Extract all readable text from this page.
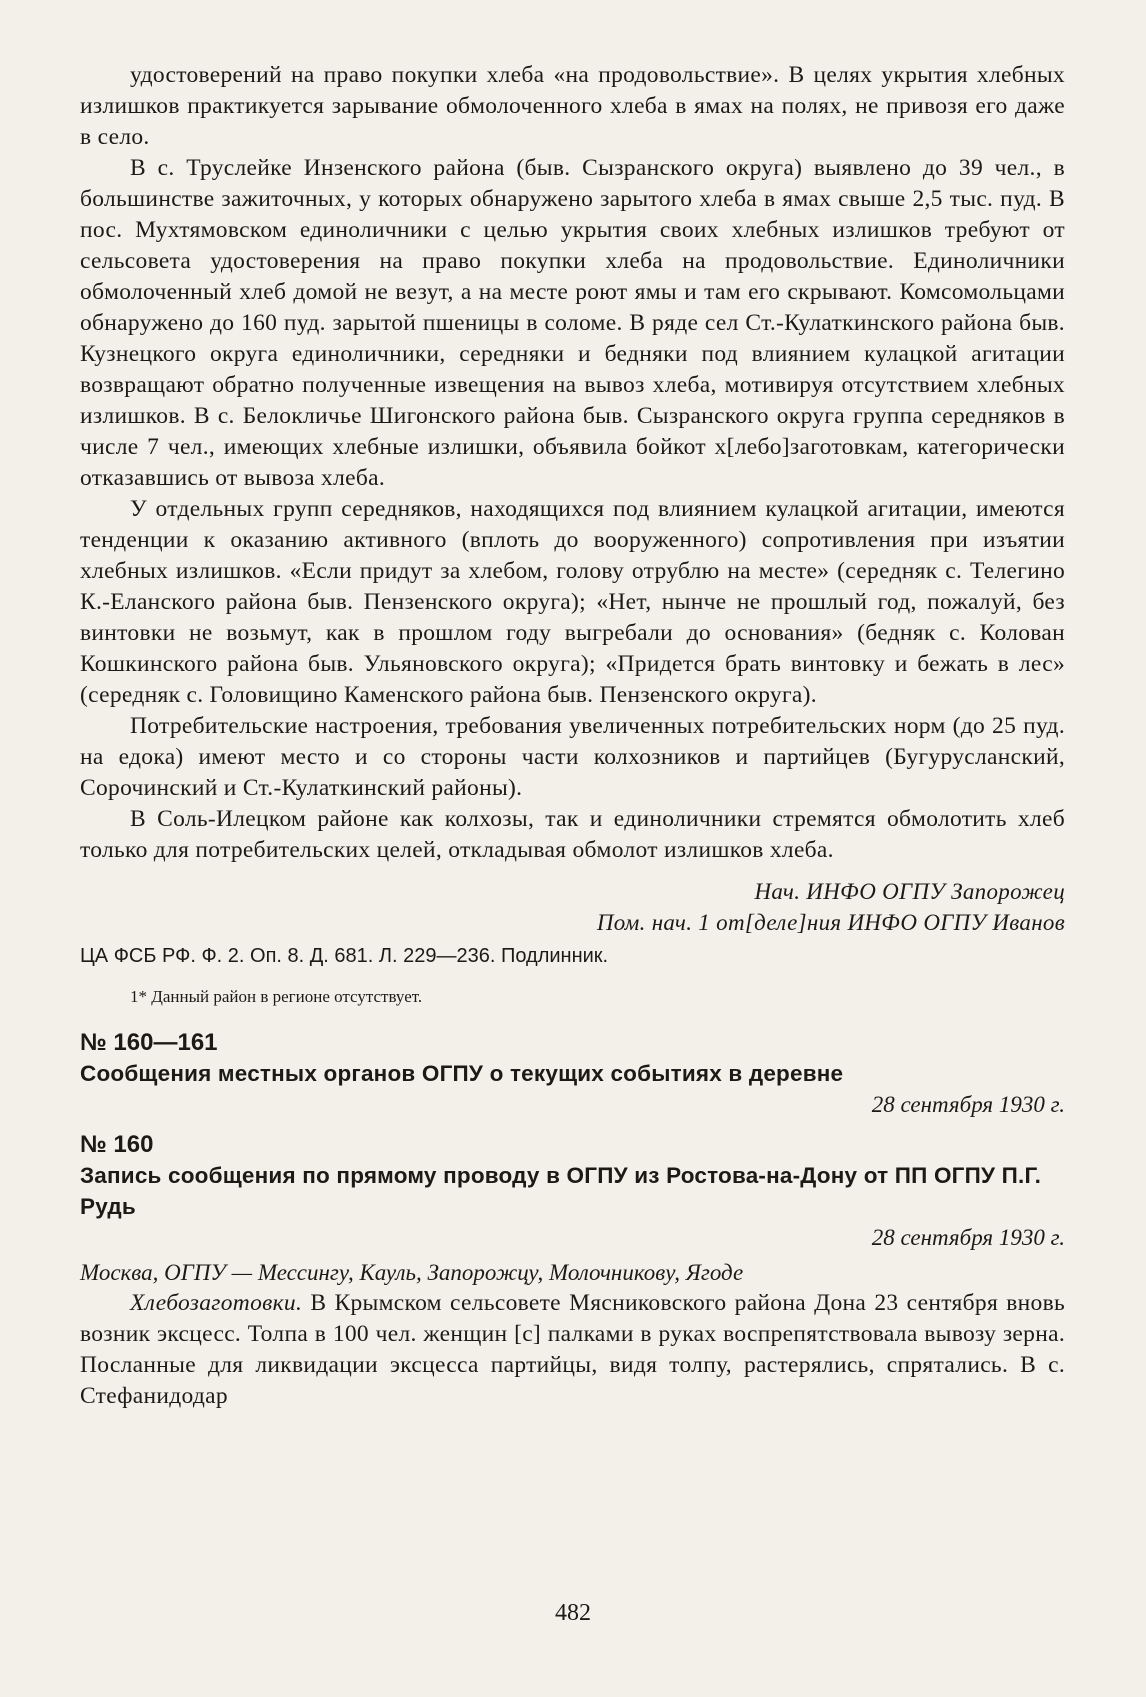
удостоверений на право покупки хлеба «на продовольствие». В целях укрытия хлебных излишков практикуется зарывание обмолоченного хлеба в ямах на полях, не привозя его даже в село.

В с. Труслейке Инзенского района (быв. Сызранского округа) выявлено до 39 чел., в большинстве зажиточных, у которых обнаружено зарытого хлеба в ямах свыше 2,5 тыс. пуд. В пос. Мухтямовском единоличники с целью укрытия своих хлебных излишков требуют от сельсовета удостоверения на право покупки хлеба на продовольствие. Единоличники обмолоченный хлеб домой не везут, а на месте роют ямы и там его скрывают. Комсомольцами обнаружено до 160 пуд. зарытой пшеницы в соломе. В ряде сел Ст.-Кулаткинского района быв. Кузнецкого округа единоличники, середняки и бедняки под влиянием кулацкой агитации возвращают обратно полученные извещения на вывоз хлеба, мотивируя отсутствием хлебных излишков. В с. Белокличье Шигонского района быв. Сызранского округа группа середняков в числе 7 чел., имеющих хлебные излишки, объявила бойкот х[лебо]заготовкам, категорически отказавшись от вывоза хлеба.

У отдельных групп середняков, находящихся под влиянием кулацкой агитации, имеются тенденции к оказанию активного (вплоть до вооруженного) сопротивления при изъятии хлебных излишков. «Если придут за хлебом, голову отрублю на месте» (середняк с. Телегино К.-Еланского района быв. Пензенского округа); «Нет, нынче не прошлый год, пожалуй, без винтовки не возьмут, как в прошлом году выгребали до основания» (бедняк с. Колован Кошкинского района быв. Ульяновского округа); «Придется брать винтовку и бежать в лес» (середняк с. Головищино Каменского района быв. Пензенского округа).

Потребительские настроения, требования увеличенных потребительских норм (до 25 пуд. на едока) имеют место и со стороны части колхозников и партийцев (Бугурусланский, Сорочинский и Ст.-Кулаткинский районы).

В Соль-Илецком районе как колхозы, так и единоличники стремятся обмолотить хлеб только для потребительских целей, откладывая обмолот излишков хлеба.

Нач. ИНФО ОГПУ Запорожец
Пом. нач. 1 от[деле]ния ИНФО ОГПУ Иванов
ЦА ФСБ РФ. Ф. 2. Оп. 8. Д. 681. Л. 229—236. Подлинник.
1* Данный район в регионе отсутствует.
№ 160—161
Сообщения местных органов ОГПУ о текущих событиях в деревне
28 сентября 1930 г.
№ 160
Запись сообщения по прямому проводу в ОГПУ из Ростова-на-Дону от ПП ОГПУ П.Г. Рудь
28 сентября 1930 г.
Москва, ОГПУ — Мессингу, Кауль, Запорожцу, Молочникову, Ягоде

Хлебозаготовки. В Крымском сельсовете Мясниковского района Дона 23 сентября вновь возник эксцесс. Толпа в 100 чел. женщин [с] палками в руках воспрепятствовала вывозу зерна. Посланные для ликвидации эксцесса партийцы, видя толпу, растерялись, спрятались. В с. Стефанидодар

482
